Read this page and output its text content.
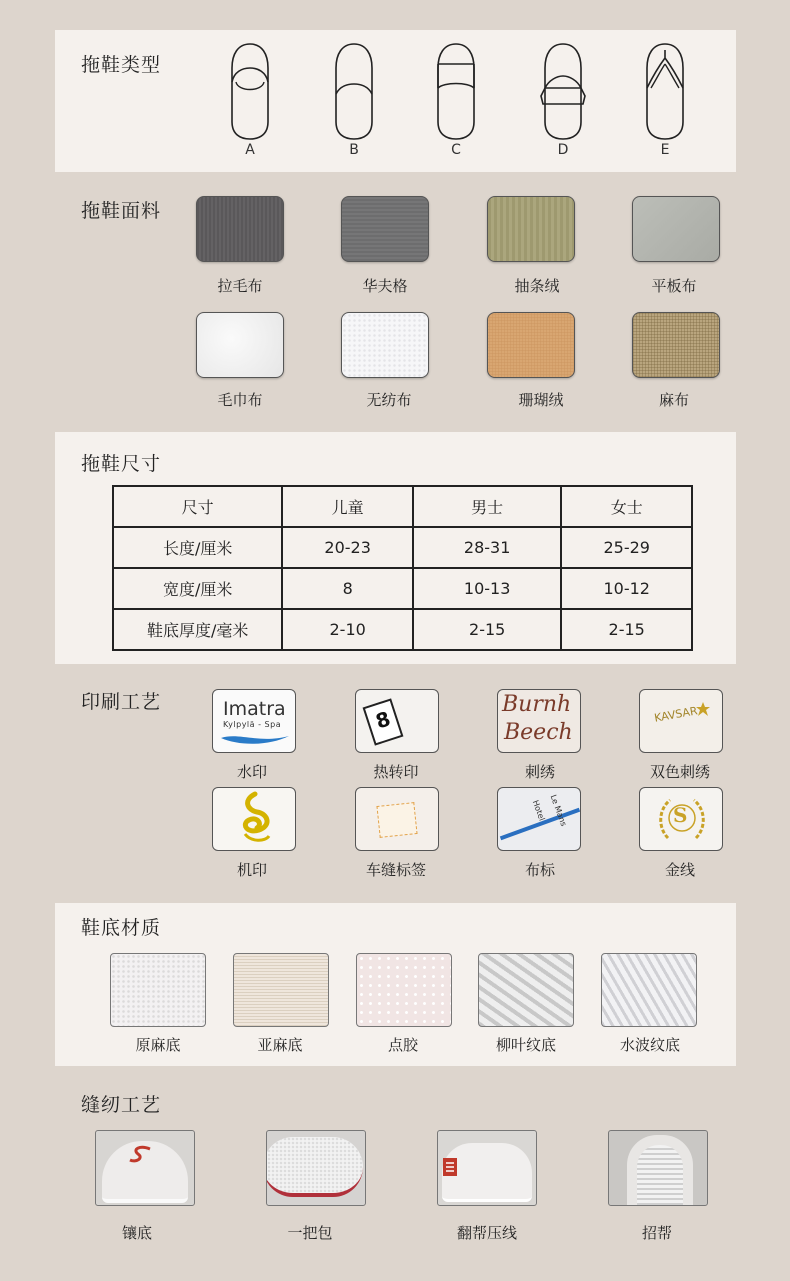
拖鞋类型
A	B	C	D	E
拖鞋面料
拉毛布	华夫格	抽条绒	平板布
毛巾布	无纺布	珊瑚绒	麻布
拖鞋尺寸
尺寸	儿童	男士	女士
长度/厘米	20-23	28-31	25-29
宽度/厘米	8	10-13	10-12
鞋底厚度/毫米	2-10	2-15	2-15
印刷工艺	Imatra
Kylpylä - Spa
水印
8
热转印
Burnh
Beech
刺绣
KAVSAR
双色刺绣
机印	车缝标签
Hotel Le Mans
布标
S
金线
鞋底材质
原麻底	亚麻底	点胶	柳叶纹底	水波纹底
缝纫工艺
镶底	一把包	翻帮压线	招帮
